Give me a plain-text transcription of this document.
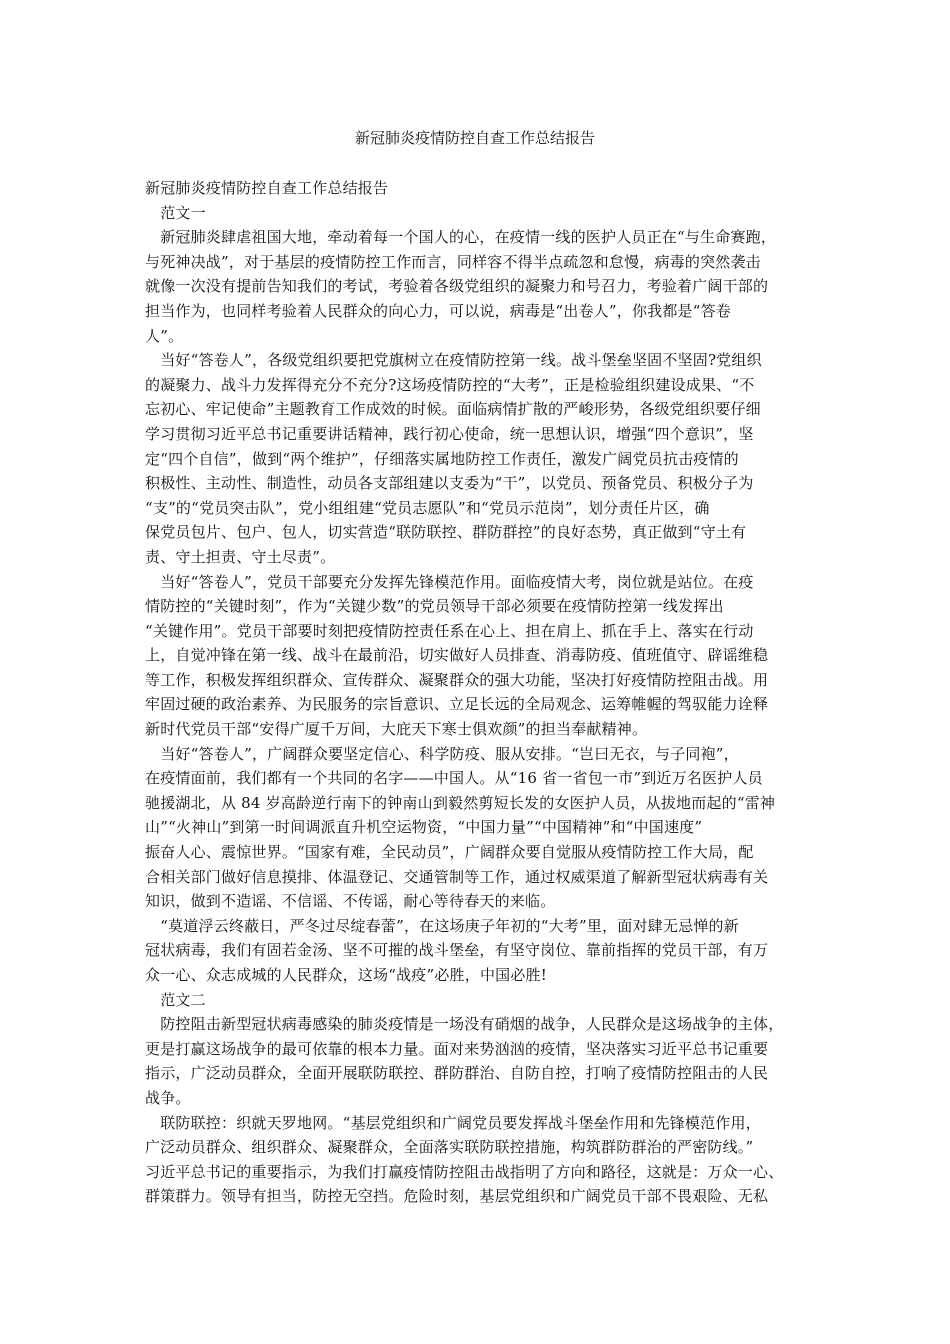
新冠肺炎疫情防控自查工作总结报告

新冠肺炎疫情防控自查工作总结报告

　范文一

　新冠肺炎肆虐祖国大地，牵动着每一个国人的心，在疫情一线的医护人员正在“与生命赛跑，

与死神决战”，对于基层的疫情防控工作而言，同样容不得半点疏忽和怠慢，病毒的突然袭击

就像一次没有提前告知我们的考试，考验着各级党组织的凝聚力和号召力，考验着广阔干部的

担当作为，也同样考验着人民群众的向心力，可以说，病毒是“出卷人”，你我都是“答卷

人”。

　当好“答卷人”，各级党组织要把党旗树立在疫情防控第一线。战斗堡垒坚固不坚固?党组织

的凝聚力、战斗力发挥得充分不充分?这场疫情防控的“大考”，正是检验组织建设成果、“不

忘初心、牢记使命”主题教育工作成效的时候。面临病情扩散的严峻形势，各级党组织要仔细

学习贯彻习近平总书记重要讲话精神，践行初心使命，统一思想认识，增强“四个意识”，坚

定“四个自信”，做到“两个维护”，仔细落实属地防控工作责任，激发广阔党员抗击疫情的

积极性、主动性、制造性，动员各支部组建以支委为“干”，以党员、预备党员、积极分子为

“支”的“党员突击队”，党小组组建“党员志愿队”和“党员示范岗”，划分责任片区，确

保党员包片、包户、包人，切实营造“联防联控、群防群控”的良好态势，真正做到“守土有

责、守土担责、守土尽责”。

　当好“答卷人”，党员干部要充分发挥先锋模范作用。面临疫情大考，岗位就是站位。在疫

情防控的“关键时刻”，作为“关键少数”的党员领导干部必须要在疫情防控第一线发挥出

“关键作用”。党员干部要时刻把疫情防控责任系在心上、担在肩上、抓在手上、落实在行动

上，自觉冲锋在第一线、战斗在最前沿，切实做好人员排查、消毒防疫、值班值守、辟谣维稳

等工作，积极发挥组织群众、宣传群众、凝聚群众的强大功能，坚决打好疫情防控阻击战。用

牢固过硬的政治素养、为民服务的宗旨意识、立足长远的全局观念、运筹帷幄的驾驭能力诠释

新时代党员干部“安得广厦千万间，大庇天下寒士俱欢颜”的担当奉献精神。

　当好“答卷人”，广阔群众要坚定信心、科学防疫、服从安排。“岂曰无衣，与子同袍”，

在疫情面前，我们都有一个共同的名字——中国人。从“16 省一省包一市”到近万名医护人员

驰援湖北，从 84 岁高龄逆行南下的钟南山到毅然剪短长发的女医护人员，从拔地而起的“雷神

山”“火神山”到第一时间调派直升机空运物资，“中国力量”“中国精神”和“中国速度”

振奋人心、震惊世界。“国家有难，全民动员”，广阔群众要自觉服从疫情防控工作大局，配

合相关部门做好信息摸排、体温登记、交通管制等工作，通过权威渠道了解新型冠状病毒有关

知识，做到不造谣、不信谣、不传谣，耐心等待春天的来临。

　“莫道浮云终蔽日，严冬过尽绽春蕾”，在这场庚子年初的“大考”里，面对肆无忌惮的新

冠状病毒，我们有固若金汤、坚不可摧的战斗堡垒，有坚守岗位、靠前指挥的党员干部，有万

众一心、众志成城的人民群众，这场“战疫”必胜，中国必胜!

　范文二

　防控阻击新型冠状病毒感染的肺炎疫情是一场没有硝烟的战争，人民群众是这场战争的主体，

更是打赢这场战争的最可依靠的根本力量。面对来势汹汹的疫情，坚决落实习近平总书记重要

指示，广泛动员群众，全面开展联防联控、群防群治、自防自控，打响了疫情防控阻击的人民

战争。

　联防联控：织就天罗地网。“基层党组织和广阔党员要发挥战斗堡垒作用和先锋模范作用，

广泛动员群众、组织群众、凝聚群众，全面落实联防联控措施，构筑群防群治的严密防线。”

习近平总书记的重要指示，为我们打赢疫情防控阻击战指明了方向和路径，这就是：万众一心、

群策群力。领导有担当，防控无空挡。危险时刻，基层党组织和广阔党员干部不畏艰险、无私
